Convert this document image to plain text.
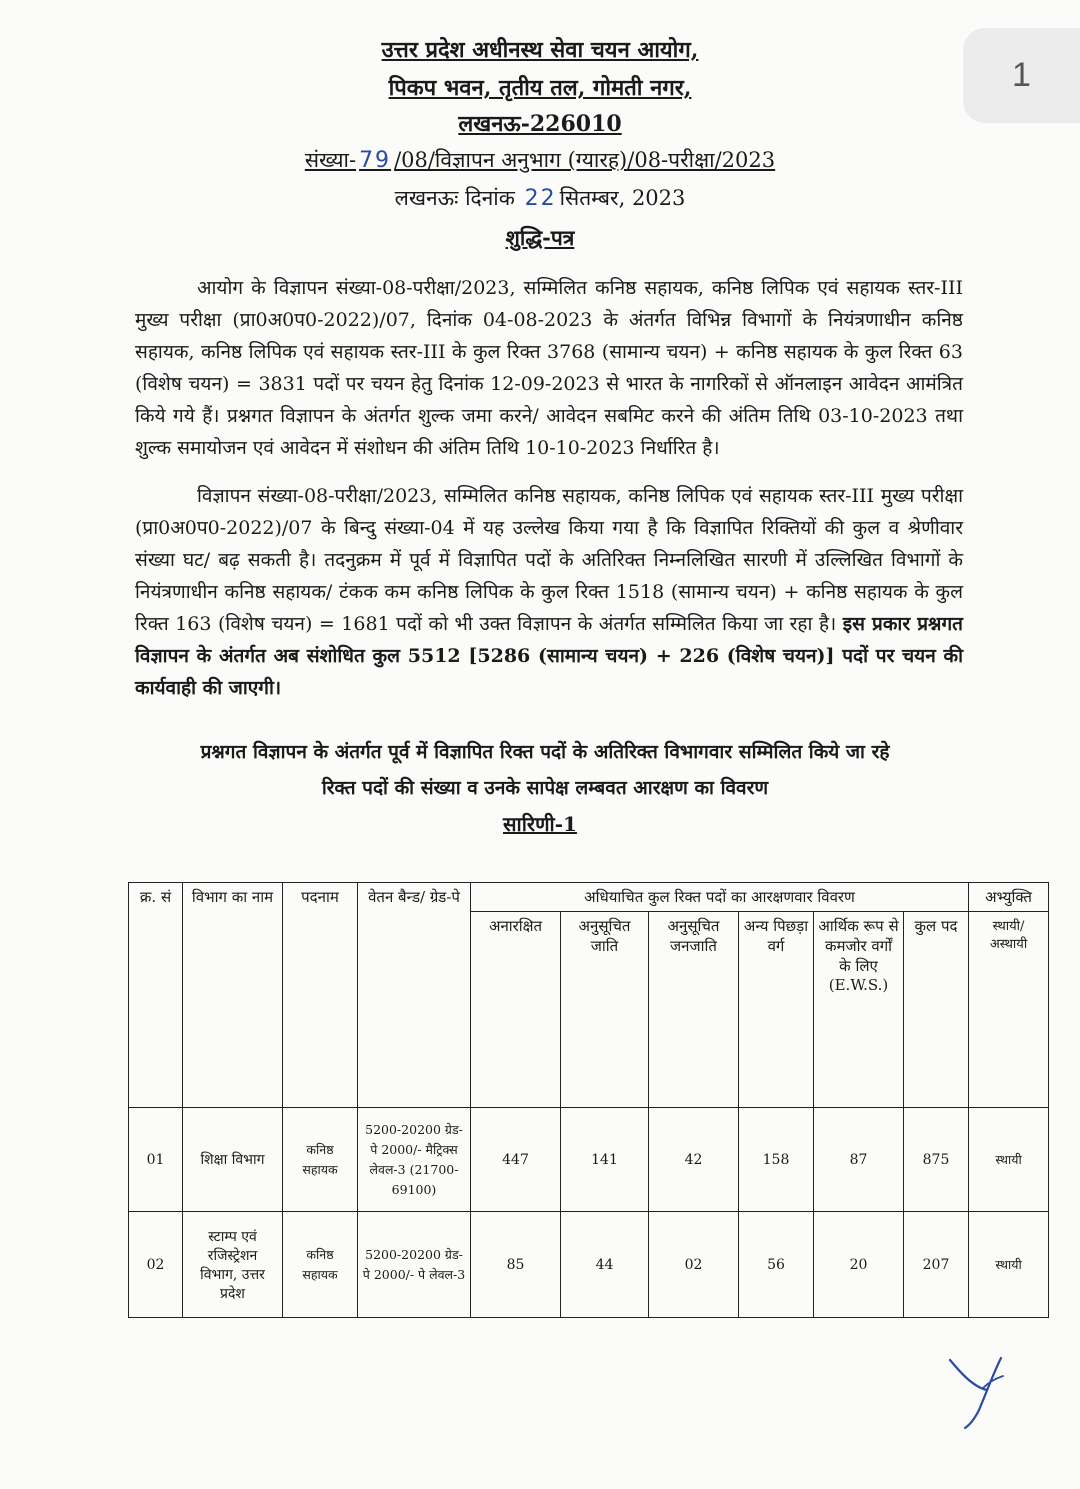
1
उत्तर प्रदेश अधीनस्थ सेवा चयन आयोग,
पिकप भवन, तृतीय तल, गोमती नगर,
लखनऊ-226010
संख्या- 79 /08/विज्ञापन अनुभाग (ग्यारह)/08-परीक्षा/2023
लखनऊः दिनांक 22 सितम्बर, 2023
शुद्धि-पत्र
आयोग के विज्ञापन संख्या-08-परीक्षा/2023, सम्मिलित कनिष्ठ सहायक, कनिष्ठ लिपिक एवं सहायक स्तर-III मुख्य परीक्षा (प्रा0अ0प0-2022)/07, दिनांक 04-08-2023 के अंतर्गत विभिन्न विभागों के नियंत्रणाधीन कनिष्ठ सहायक, कनिष्ठ लिपिक एवं सहायक स्तर-III के कुल रिक्त 3768 (सामान्य चयन) + कनिष्ठ सहायक के कुल रिक्त 63 (विशेष चयन) = 3831 पदों पर चयन हेतु दिनांक 12-09-2023 से भारत के नागरिकों से ऑनलाइन आवेदन आमंत्रित किये गये हैं। प्रश्नगत विज्ञापन के अंतर्गत शुल्क जमा करने/ आवेदन सबमिट करने की अंतिम तिथि 03-10-2023 तथा शुल्क समायोजन एवं आवेदन में संशोधन की अंतिम तिथि 10-10-2023 निर्धारित है।
विज्ञापन संख्या-08-परीक्षा/2023, सम्मिलित कनिष्ठ सहायक, कनिष्ठ लिपिक एवं सहायक स्तर-III मुख्य परीक्षा (प्रा0अ0प0-2022)/07 के बिन्दु संख्या-04 में यह उल्लेख किया गया है कि विज्ञापित रिक्तियों की कुल व श्रेणीवार संख्या घट/ बढ़ सकती है। तदनुक्रम में पूर्व में विज्ञापित पदों के अतिरिक्त निम्नलिखित सारणी में उल्लिखित विभागों के नियंत्रणाधीन कनिष्ठ सहायक/ टंकक कम कनिष्ठ लिपिक के कुल रिक्त 1518 (सामान्य चयन) + कनिष्ठ सहायक के कुल रिक्त 163 (विशेष चयन) = 1681 पदों को भी उक्त विज्ञापन के अंतर्गत सम्मिलित किया जा रहा है। इस प्रकार प्रश्नगत विज्ञापन के अंतर्गत अब संशोधित कुल 5512 [5286 (सामान्य चयन) + 226 (विशेष चयन)] पदों पर चयन की कार्यवाही की जाएगी।
प्रश्नगत विज्ञापन के अंतर्गत पूर्व में विज्ञापित रिक्त पदों के अतिरिक्त विभागवार सम्मिलित किये जा रहे
रिक्त पदों की संख्या व उनके सापेक्ष लम्बवत आरक्षण का विवरण
सारिणी-1
क्र. सं	विभाग का नाम	पदनाम	वेतन बैन्ड/ ग्रेड-पे	अधियाचित कुल रिक्त पदों का आरक्षणवार विवरण						अभ्युक्ति
				अनारक्षित	अनुसूचित जाति	अनुसूचित जनजाति	अन्य पिछड़ा वर्ग	आर्थिक रूप से कमजोर वर्गों के लिए (E.W.S.)	कुल पद	स्थायी/ अस्थायी
01	शिक्षा विभाग	कनिष्ठ सहायक	5200-20200 ग्रेड-पे 2000/- मैट्रिक्स लेवल-3 (21700-69100)	447	141	42	158	87	875	स्थायी
02	स्टाम्प एवं रजिस्ट्रेशन विभाग, उत्तर प्रदेश	कनिष्ठ सहायक	5200-20200 ग्रेड-पे 2000/- पे लेवल-3	85	44	02	56	20	207	स्थायी
